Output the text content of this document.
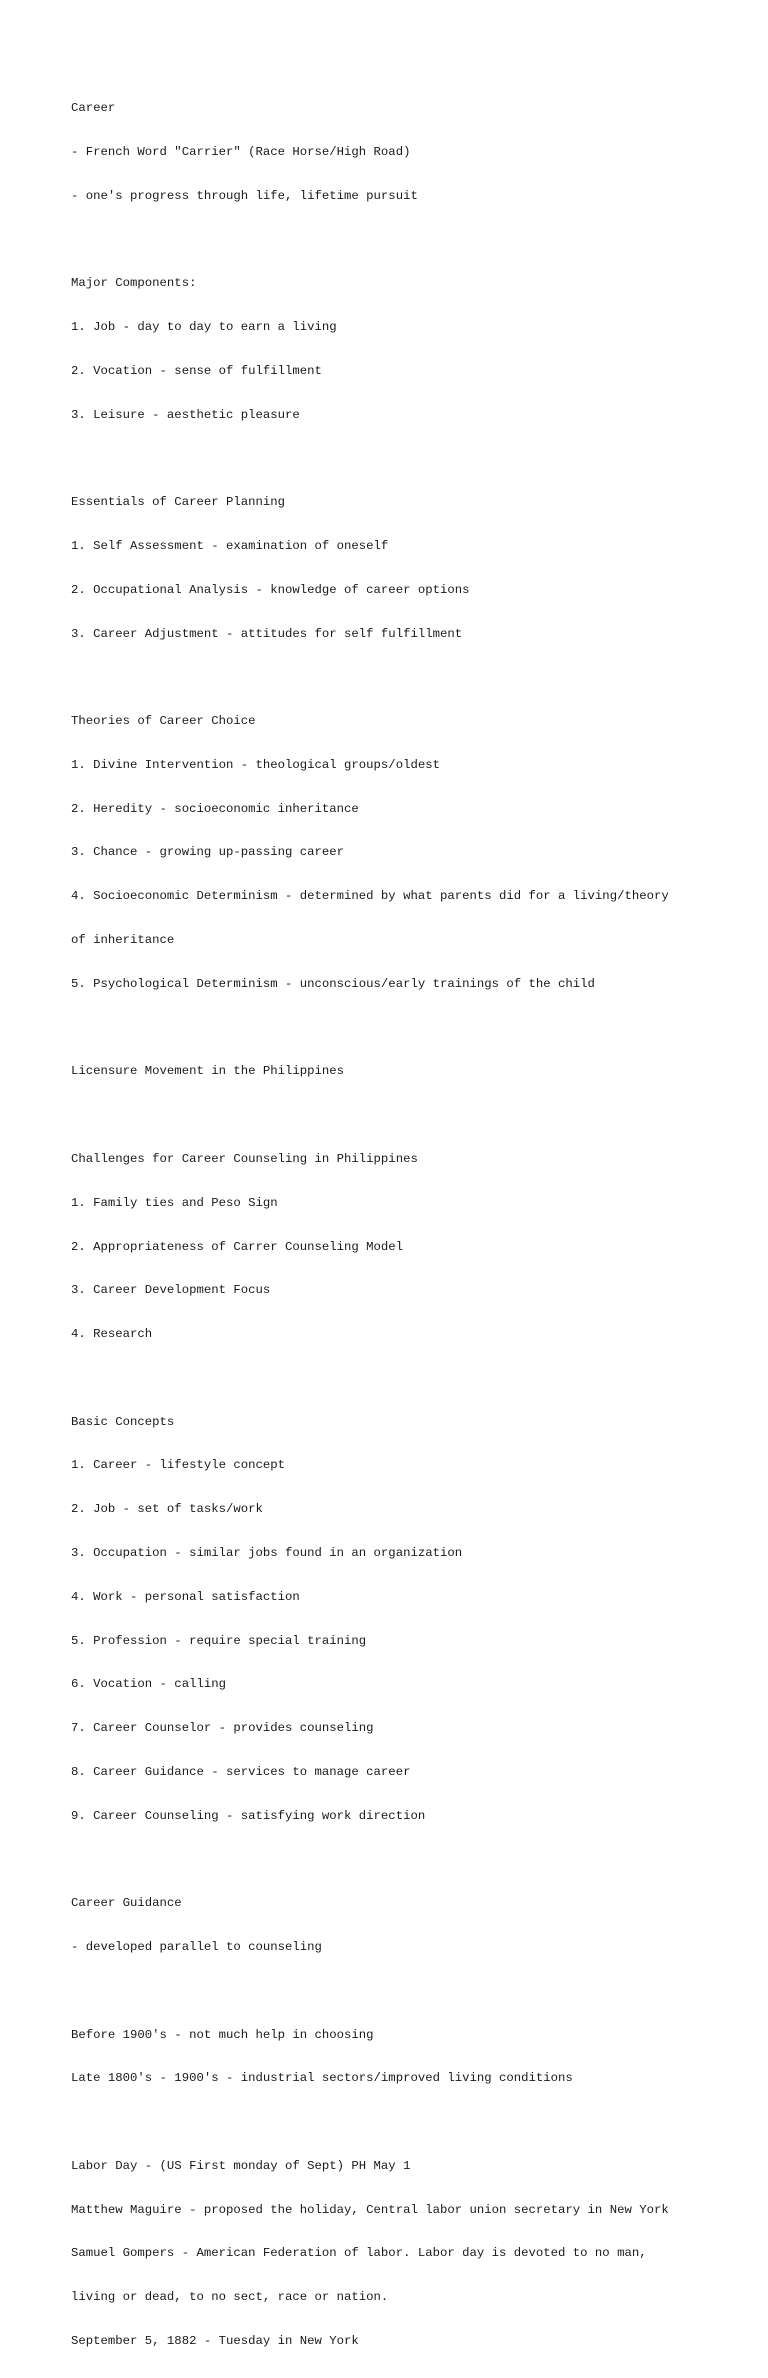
Career

- French Word "Carrier" (Race Horse/High Road)

- one's progress through life, lifetime pursuit

Major Components:

1. Job - day to day to earn a living

2. Vocation - sense of fulfillment

3. Leisure - aesthetic pleasure

Essentials of Career Planning

1. Self Assessment - examination of oneself

2. Occupational Analysis - knowledge of career options

3. Career Adjustment - attitudes for self fulfillment

Theories of Career Choice

1. Divine Intervention - theological groups/oldest

2. Heredity - socioeconomic inheritance

3. Chance - growing up-passing career

4. Socioeconomic Determinism - determined by what parents did for a living/theory

of inheritance

5. Psychological Determinism - unconscious/early trainings of the child

Licensure Movement in the Philippines

Challenges for Career Counseling in Philippines

1. Family ties and Peso Sign

2. Appropriateness of Carrer Counseling Model

3. Career Development Focus

4. Research

Basic Concepts

1. Career - lifestyle concept

2. Job - set of tasks/work

3. Occupation - similar jobs found in an organization

4. Work - personal satisfaction

5. Profession - require special training

6. Vocation - calling

7. Career Counselor - provides counseling

8. Career Guidance - services to manage career

9. Career Counseling - satisfying work direction

Career Guidance

- developed parallel to counseling

Before 1900's - not much help in choosing

Late 1800's - 1900's - industrial sectors/improved living conditions

Labor Day - (US First monday of Sept) PH May 1

Matthew Maguire - proposed the holiday, Central labor union secretary in New York

Samuel Gompers - American Federation of labor. Labor day is devoted to no man,

living or dead, to no sect, race or nation.

September 5, 1882 - Tuesday in New York
